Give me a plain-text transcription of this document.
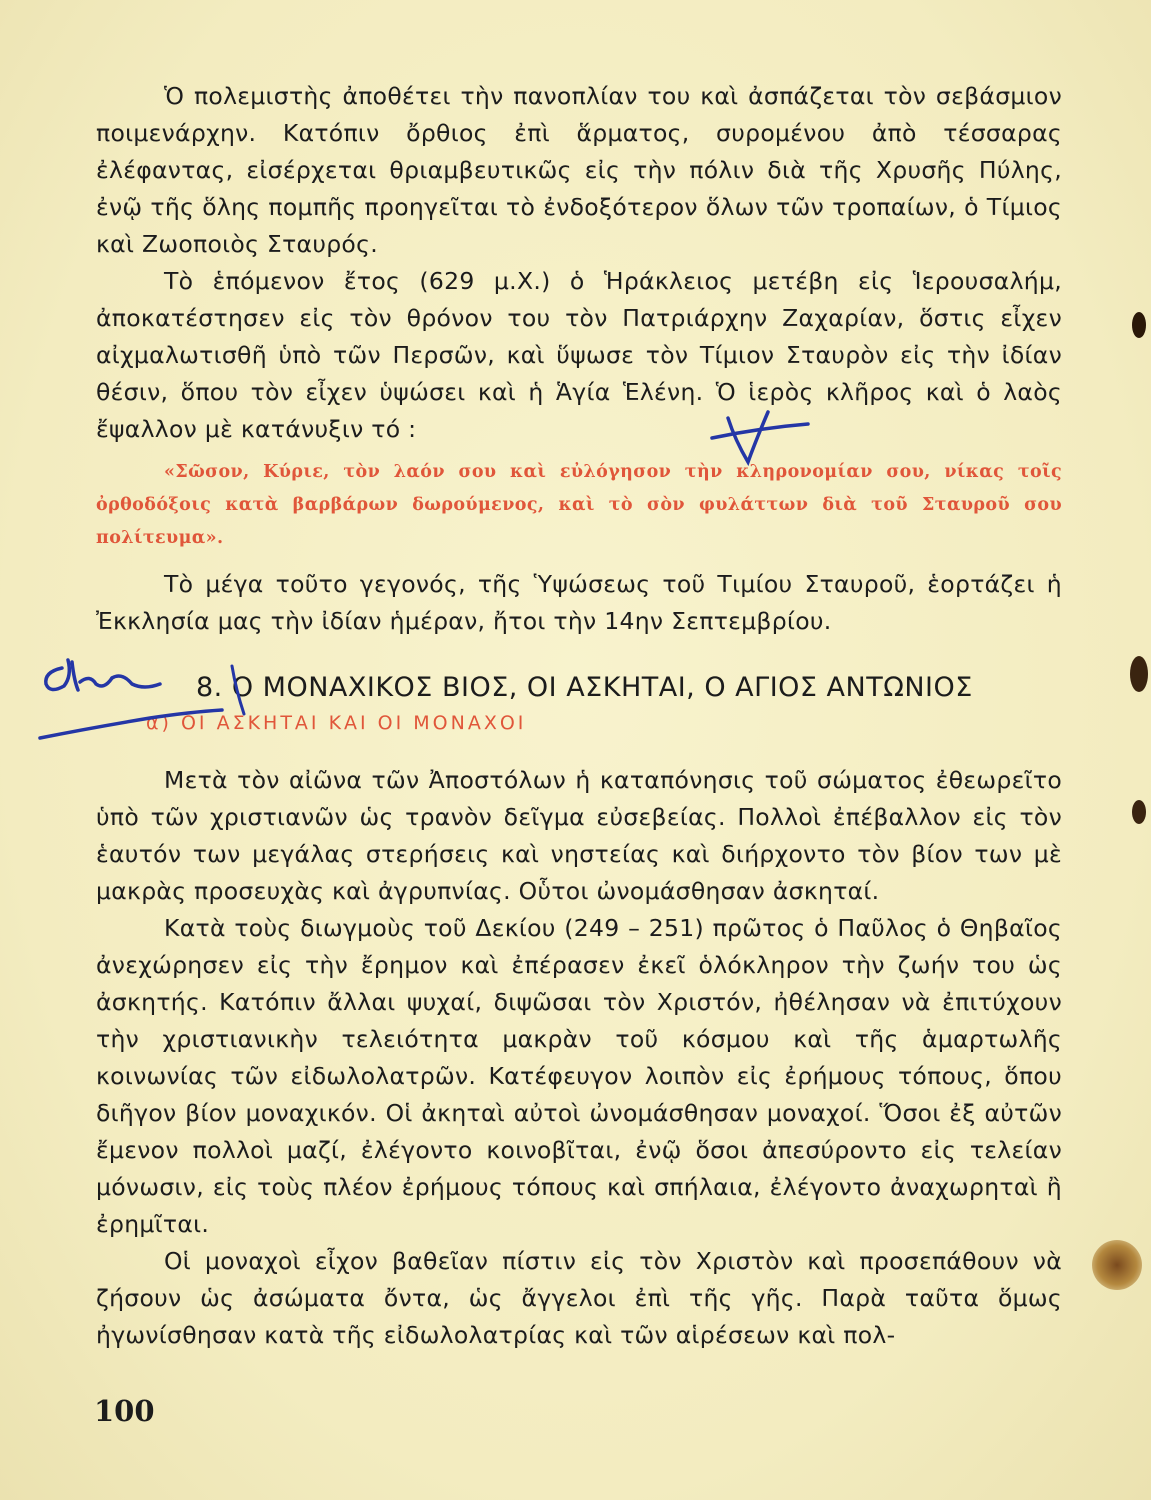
Ὁ πολεμιστὴς ἀποθέτει τὴν πανοπλίαν του καὶ ἀσπάζεται τὸν σεβάσμιον ποιμενάρχην. Κατόπιν ὄρθιος ἐπὶ ἅρματος, συρομένου ἀπὸ τέσσαρας ἐλέφαντας, εἰσέρχεται θριαμβευτικῶς εἰς τὴν πόλιν διὰ τῆς Χρυσῆς Πύλης, ἐνῷ τῆς ὅλης πομπῆς προηγεῖται τὸ ἐνδοξότερον ὅλων τῶν τροπαίων, ὁ Τίμιος καὶ Ζωοποιὸς Σταυρός.

Τὸ ἑπόμενον ἔτος (629 μ.Χ.) ὁ Ἡράκλειος μετέβη εἰς Ἱερουσαλήμ, ἀποκατέστησεν εἰς τὸν θρόνον του τὸν Πατριάρχην Ζαχαρίαν, ὅστις εἶχεν αἰχμαλωτισθῆ ὑπὸ τῶν Περσῶν, καὶ ὕψωσε τὸν Τίμιον Σταυρὸν εἰς τὴν ἰδίαν θέσιν, ὅπου τὸν εἶχεν ὑψώσει καὶ ἡ Ἁγία Ἑλένη. Ὁ ἱερὸς κλῆρος καὶ ὁ λαὸς ἔψαλλον μὲ κατάνυξιν τό :

«Σῶσον, Κύριε, τὸν λαόν σου καὶ εὐλόγησον τὴν κληρονομίαν σου, νίκας τοῖς ὀρθοδόξοις κατὰ βαρβάρων δωρούμενος, καὶ τὸ σὸν φυλάττων διὰ τοῦ Σταυροῦ σου πολίτευμα».

Τὸ μέγα τοῦτο γεγονός, τῆς Ὑψώσεως τοῦ Τιμίου Σταυροῦ, ἑορτάζει ἡ Ἐκκλησία μας τὴν ἰδίαν ἡμέραν, ἤτοι τὴν 14ην Σεπτεμβρίου.

8. Ο ΜΟΝΑΧΙΚΟΣ ΒΙΟΣ, ΟΙ ΑΣΚΗΤΑΙ, Ο ΑΓΙΟΣ ΑΝΤΩΝΙΟΣ
α) ΟΙ ΑΣΚΗΤΑΙ ΚΑΙ ΟΙ ΜΟΝΑΧΟΙ

Μετὰ τὸν αἰῶνα τῶν Ἀποστόλων ἡ καταπόνησις τοῦ σώματος ἐθεωρεῖτο ὑπὸ τῶν χριστιανῶν ὡς τρανὸν δεῖγμα εὐσεβείας. Πολλοὶ ἐπέβαλλον εἰς τὸν ἑαυτόν των μεγάλας στερήσεις καὶ νηστείας καὶ διήρχοντο τὸν βίον των μὲ μακρὰς προσευχὰς καὶ ἀγρυπνίας. Οὗτοι ὠνομάσθησαν ἀσκηταί.

Κατὰ τοὺς διωγμοὺς τοῦ Δεκίου (249 – 251) πρῶτος ὁ Παῦλος ὁ Θηβαῖος ἀνεχώρησεν εἰς τὴν ἔρημον καὶ ἐπέρασεν ἐκεῖ ὁλόκληρον τὴν ζωήν του ὡς ἀσκητής. Κατόπιν ἄλλαι ψυχαί, διψῶσαι τὸν Χριστόν, ἠθέλησαν νὰ ἐπιτύχουν τὴν χριστιανικὴν τελειότητα μακρὰν τοῦ κόσμου καὶ τῆς ἁμαρτωλῆς κοινωνίας τῶν εἰδωλολατρῶν. Κατέφευγον λοιπὸν εἰς ἐρήμους τόπους, ὅπου διῆγον βίον μοναχικόν. Οἱ ἀκηταὶ αὐτοὶ ὠνομάσθησαν μοναχοί. Ὅσοι ἐξ αὐτῶν ἔμενον πολλοὶ μαζί, ἐλέγοντο κοινοβῖται, ἐνῷ ὅσοι ἀπεσύροντο εἰς τελείαν μόνωσιν, εἰς τοὺς πλέον ἐρήμους τόπους καὶ σπήλαια, ἐλέγοντο ἀναχωρηταὶ ἢ ἐρημῖται.

Οἱ μοναχοὶ εἶχον βαθεῖαν πίστιν εἰς τὸν Χριστὸν καὶ προσεπάθουν νὰ ζήσουν ὡς ἀσώματα ὄντα, ὡς ἄγγελοι ἐπὶ τῆς γῆς. Παρὰ ταῦτα ὅμως ἠγωνίσθησαν κατὰ τῆς εἰδωλολατρίας καὶ τῶν αἱρέσεων καὶ πολ-

100
